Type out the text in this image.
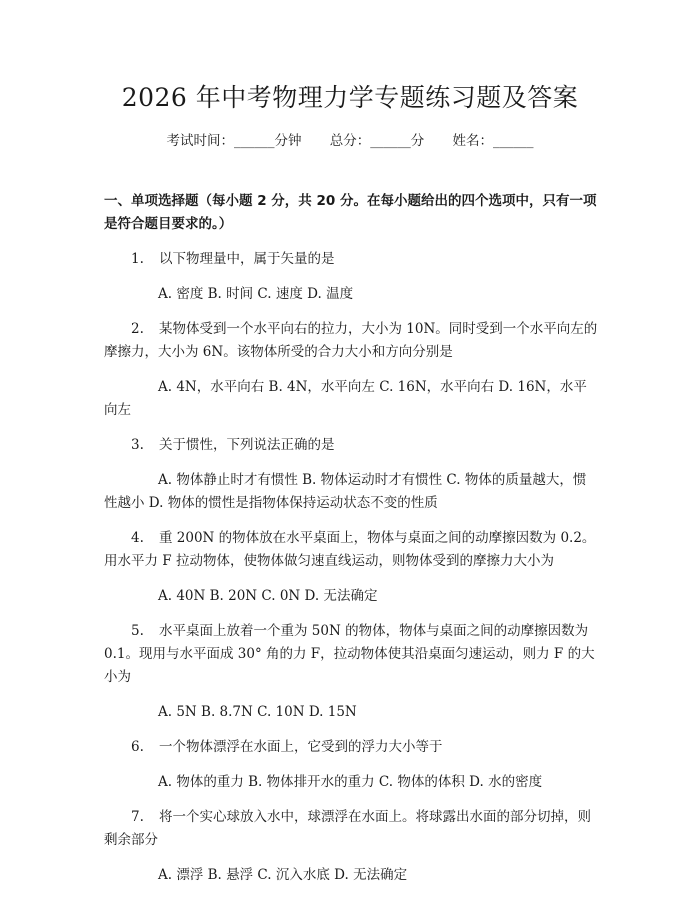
2026 年中考物理力学专题练习题及答案
考试时间：______分钟 总分：______分 姓名：______
一、单项选择题（每小题 2 分，共 20 分。在每小题给出的四个选项中，只有一项是符合题目要求的。）
1. 以下物理量中，属于矢量的是
A. 密度 B. 时间 C. 速度 D. 温度
2. 某物体受到一个水平向右的拉力，大小为 10N。同时受到一个水平向左的摩擦力，大小为 6N。该物体所受的合力大小和方向分别是
A. 4N，水平向右 B. 4N，水平向左 C. 16N，水平向右 D. 16N，水平向左
3. 关于惯性，下列说法正确的是
A. 物体静止时才有惯性 B. 物体运动时才有惯性 C. 物体的质量越大，惯性越小 D. 物体的惯性是指物体保持运动状态不变的性质
4. 重 200N 的物体放在水平桌面上，物体与桌面之间的动摩擦因数为 0.2。用水平力 F 拉动物体，使物体做匀速直线运动，则物体受到的摩擦力大小为
A. 40N B. 20N C. 0N D. 无法确定
5. 水平桌面上放着一个重为 50N 的物体，物体与桌面之间的动摩擦因数为 0.1。现用与水平面成 30° 角的力 F，拉动物体使其沿桌面匀速运动，则力 F 的大小为
A. 5N B. 8.7N C. 10N D. 15N
6. 一个物体漂浮在水面上，它受到的浮力大小等于
A. 物体的重力 B. 物体排开水的重力 C. 物体的体积 D. 水的密度
7. 将一个实心球放入水中，球漂浮在水面上。将球露出水面的部分切掉，则剩余部分
A. 漂浮 B. 悬浮 C. 沉入水底 D. 无法确定
